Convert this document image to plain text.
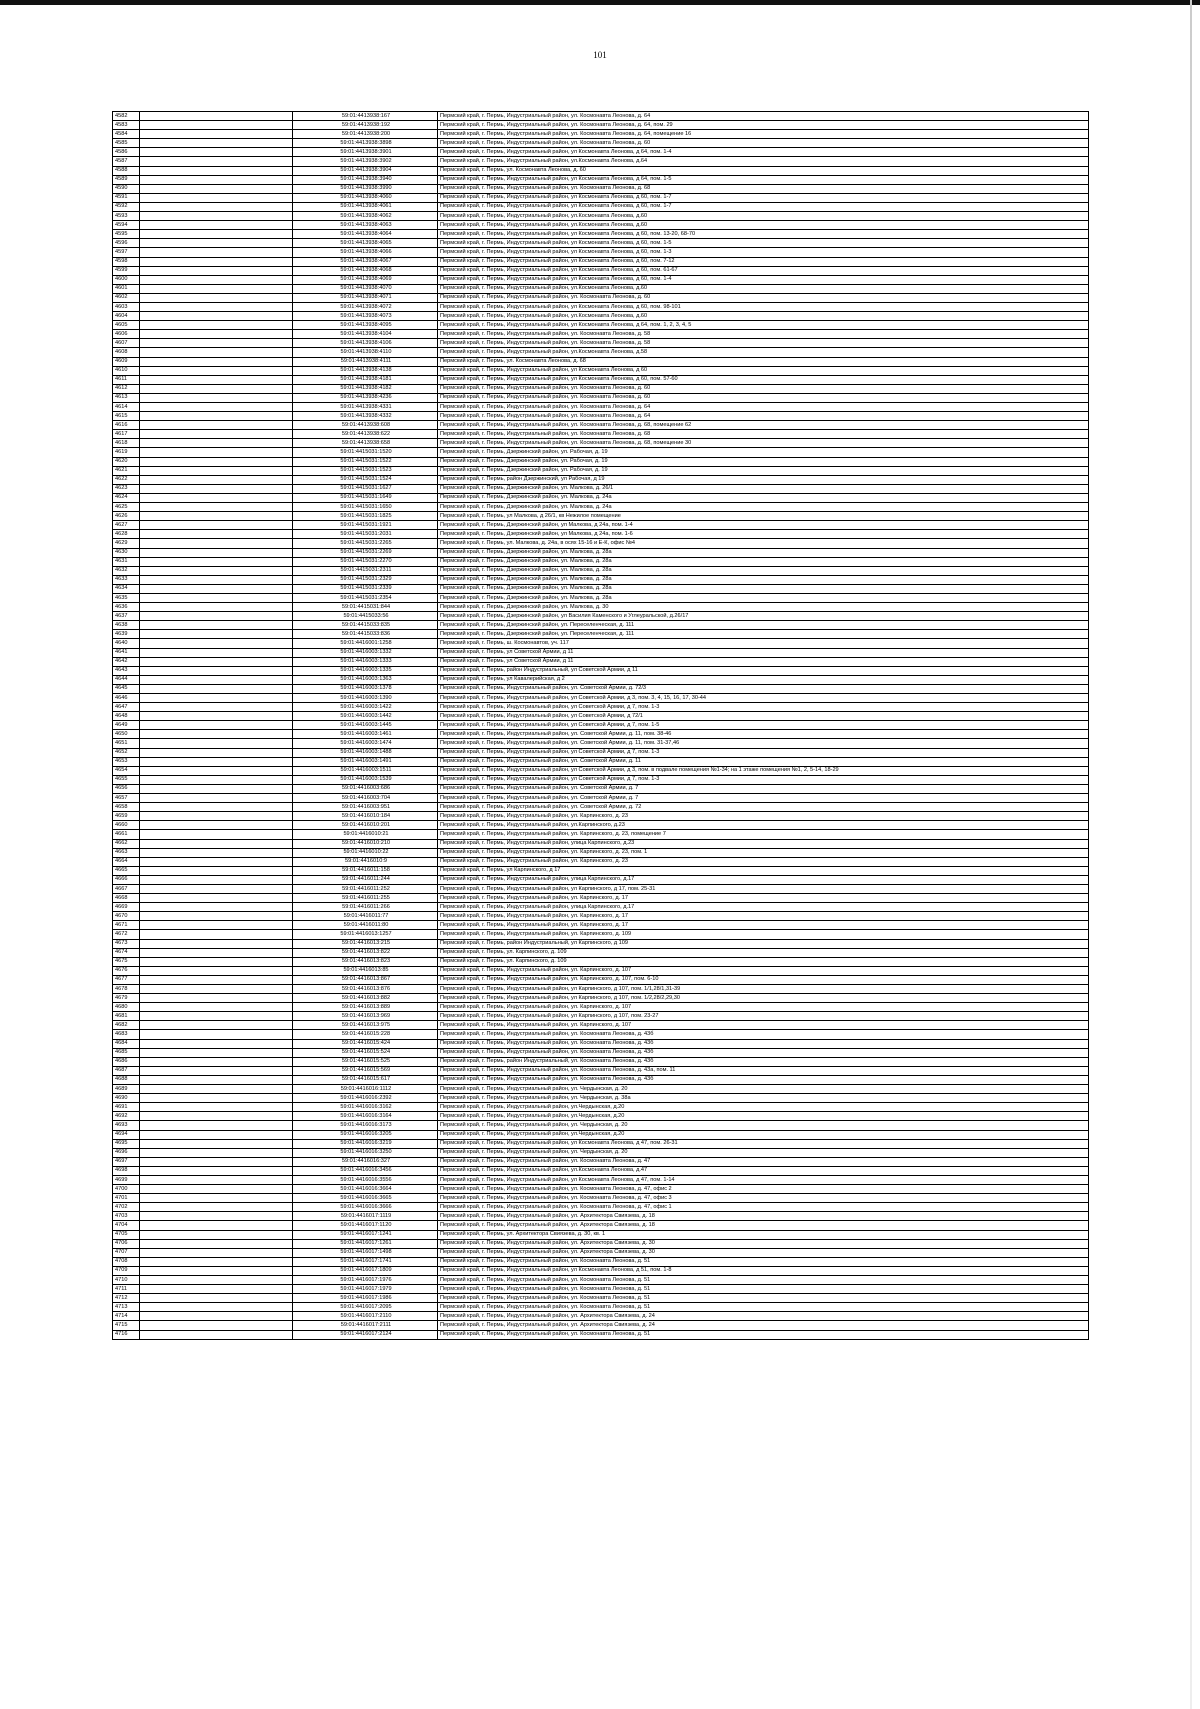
101
4582		59:01:4413938:167	Пермский край, г. Пермь, Индустриальный район, ул. Космонавта Леонова, д. 64
4583		59:01:4413938:192	Пермский край, г. Пермь, Индустриальный район, ул. Космонавта Леонова, д. 64, пом. 29
4584		59:01:4413938:200	Пермский край, г. Пермь, Индустриальный район, ул. Космонавта Леонова, д. 64, помещение 16
4585		59:01:4413938:3898	Пермский край, г. Пермь, Индустриальный район, ул. Космонавта Леонова, д. 60
4586		59:01:4413938:3901	Пермский край, г. Пермь, Индустриальный район, ул Космонавта Леонова, д 64, пом. 1-4
4587		59:01:4413938:3902	Пермский край, г. Пермь, Индустриальный район, ул.Космонавта Леонова, д.64
4588		59:01:4413938:3904	Пермский край, г. Пермь, ул. Космонавта Леонова, д. 60
4589		59:01:4413938:3940	Пермский край, г. Пермь, Индустриальный район, ул Космонавта Леонова, д 64, пом. 1-5
4590		59:01:4413938:3990	Пермский край, г. Пермь, Индустриальный район, ул. Космонавта Леонова, д. 68
4591		59:01:4413938:4060	Пермский край, г. Пермь, Индустриальный район, ул Космонавта Леонова, д 60, пом. 1-7
4592		59:01:4413938:4061	Пермский край, г. Пермь, Индустриальный район, ул Космонавта Леонова, д 60, пом. 1-7
4593		59:01:4413938:4062	Пермский край, г. Пермь, Индустриальный район, ул.Космонавта Леонова, д.60
4594		59:01:4413938:4063	Пермский край, г. Пермь, Индустриальный район, ул.Космонавта Леонова, д.60
4595		59:01:4413938:4064	Пермский край, г. Пермь, Индустриальный район, ул Космонавта Леонова, д 60, пом. 13-20, 68-70
4596		59:01:4413938:4065	Пермский край, г. Пермь, Индустриальный район, ул Космонавта Леонова, д 60, пом. 1-5
4597		59:01:4413938:4066	Пермский край, г. Пермь, Индустриальный район, ул Космонавта Леонова, д 60, пом. 1-3
4598		59:01:4413938:4067	Пермский край, г. Пермь, Индустриальный район, ул Космонавта Леонова, д 60, пом. 7-12
4599		59:01:4413938:4068	Пермский край, г. Пермь, Индустриальный район, ул Космонавта Леонова, д 60, пом. 61-67
4600		59:01:4413938:4069	Пермский край, г. Пермь, Индустриальный район, ул Космонавта Леонова, д 60, пом. 1-4
4601		59:01:4413938:4070	Пермский край, г. Пермь, Индустриальный район, ул.Космонавта Леонова, д.60
4602		59:01:4413938:4071	Пермский край, г. Пермь, Индустриальный район, ул. Космонавта Леонова, д. 60
4603		59:01:4413938:4072	Пермский край, г. Пермь, Индустриальный район, ул Космонавта Леонова, д 60, пом. 98-101
4604		59:01:4413938:4073	Пермский край, г. Пермь, Индустриальный район, ул.Космонавта Леонова, д.60
4605		59:01:4413938:4095	Пермский край, г. Пермь, Индустриальный район, ул Космонавта Леонова, д 64, пом. 1, 2, 3, 4, 5
4606		59:01:4413938:4104	Пермский край, г. Пермь, Индустриальный район, ул. Космонавта Леонова, д. 58
4607		59:01:4413938:4106	Пермский край, г. Пермь, Индустриальный район, ул. Космонавта Леонова, д. 58
4608		59:01:4413938:4110	Пермский край, г. Пермь, Индустриальный район, ул.Космонавта Леонова, д.58
4609		59:01:4413938:4111	Пермский край, г. Пермь, ул. Космонавта Леонова, д. 68
4610		59:01:4413938:4138	Пермский край, г. Пермь, Индустриальный район, ул Космонавта Леонова, д 60
4611		59:01:4413938:4181	Пермский край, г. Пермь, Индустриальный район, ул Космонавта Леонова, д 60, пом. 57-60
4612		59:01:4413938:4182	Пермский край, г. Пермь, Индустриальный район, ул. Космонавта Леонова, д. 60
4613		59:01:4413938:4236	Пермский край, г. Пермь, Индустриальный район, ул. Космонавта Леонова, д. 60
4614		59:01:4413938:4331	Пермский край, г. Пермь, Индустриальный район, ул. Космонавта Леонова, д. 64
4615		59:01:4413938:4332	Пермский край, г. Пермь, Индустриальный район, ул. Космонавта Леонова, д. 64
4616		59:01:4413938:608	Пермский край, г. Пермь, Индустриальный район, ул. Космонавта Леонова, д. 68, помещение 62
4617		59:01:4413938:622	Пермский край, г. Пермь, Индустриальный район, ул. Космонавта Леонова, д. 68
4618		59:01:4413938:658	Пермский край, г. Пермь, Индустриальный район, ул. Космонавта Леонова, д. 68, помещение 30
4619		59:01:4415031:1520	Пермский край, г. Пермь, Дзержинский район, ул. Рабочая, д. 19
4620		59:01:4415031:1522	Пермский край, г. Пермь, Дзержинский район, ул. Рабочая, д. 19
4621		59:01:4415031:1523	Пермский край, г. Пермь, Дзержинский район, ул. Рабочая, д. 19
4622		59:01:4415031:1524	Пермский край, г. Пермь, район Дзержинский, ул Рабочая, д 19
4623		59:01:4415031:1627	Пермский край, г. Пермь, Дзержинский район, ул. Малкова, д. 26/1
4624		59:01:4415031:1649	Пермский край, г. Пермь, Дзержинский район, ул. Малкова, д. 24а
4625		59:01:4415031:1650	Пермский край, г. Пермь, Дзержинский район, ул. Малкова, д. 24а
4626		59:01:4415031:1825	Пермский край, г. Пермь, ул Малкова, д 26/1, кв Нежилое помещение
4627		59:01:4415031:1921	Пермский край, г. Пермь, Дзержинский район, ул Малкова, д 24а, пом. 1-4
4628		59:01:4415031:2031	Пермский край, г. Пермь, Дзержинский район, ул Малкова, д 24а, пом. 1-6
4629		59:01:4415031:2265	Пермский край, г. Пермь, ул. Малкова, д. 24а, в осях 15-16 и Е-К, офис №4
4630		59:01:4415031:2269	Пермский край, г. Пермь, Дзержинский район, ул. Малкова, д. 28а
4631		59:01:4415031:2270	Пермский край, г. Пермь, Дзержинский район, ул. Малкова, д. 28а
4632		59:01:4415031:2311	Пермский край, г. Пермь, Дзержинский район, ул. Малкова, д. 28а
4633		59:01:4415031:2329	Пермский край, г. Пермь, Дзержинский район, ул. Малкова, д. 28а
4634		59:01:4415031:2339	Пермский край, г. Пермь, Дзержинский район, ул. Малкова, д. 28а
4635		59:01:4415031:2354	Пермский край, г. Пермь, Дзержинский район, ул. Малкова, д. 28а
4636		59:01:4415031:844	Пермский край, г. Пермь, Дзержинский район, ул. Малкова, д. 30
4637		59:01:4415033:56	Пермский край, г. Пермь, Дзержинский район, ул Василия Каменского и Углеуральской, д.26/17
4638		59:01:4415033:835	Пермский край, г. Пермь, Дзержинский район, ул. Переселенческая, д. 111
4639		59:01:4415033:836	Пермский край, г. Пермь, Дзержинский район, ул. Переселенческая, д. 111
4640		59:01:4416001:1258	Пермский край, г. Пермь, ш. Космонавтов, уч. 117
4641		59:01:4416003:1332	Пермский край, г. Пермь, ул Советской Армии, д 11
4642		59:01:4416003:1333	Пермский край, г. Пермь, ул Советской Армии, д 11
4643		59:01:4416003:1335	Пермский край, г. Пермь, район Индустриальный, ул Советской Армии, д 11
4644		59:01:4416003:1363	Пермский край, г. Пермь, ул Кавалерийская, д 2
4645		59:01:4416003:1378	Пермский край, г. Пермь, Индустриальный район, ул. Советской Армии, д. 72/3
4646		59:01:4416003:1390	Пермский край, г. Пермь, Индустриальный район, ул Советской Армии, д 3, пом. 3, 4, 15, 16, 17, 30-44
4647		59:01:4416003:1422	Пермский край, г. Пермь, Индустриальный район, ул Советской Армии, д 7, пом. 1-3
4648		59:01:4416003:1442	Пермский край, г. Пермь, Индустриальный район, ул Советской Армии, д 72/1
4649		59:01:4416003:1445	Пермский край, г. Пермь, Индустриальный район, ул Советской Армии, д 7, пом. 1-5
4650		59:01:4416003:1461	Пермский край, г. Пермь, Индустриальный район, ул. Советской Армии, д. 11, пом. 38-46
4651		59:01:4416003:1474	Пермский край, г. Пермь, Индустриальный район, ул. Советской Армии, д. 11, пом. 31-37,46
4652		59:01:4416003:1488	Пермский край, г. Пермь, Индустриальный район, ул Советской Армии, д 7, пом. 1-3
4653		59:01:4416003:1491	Пермский край, г. Пермь, Индустриальный район, ул. Советской Армии, д. 11
4654		59:01:4416003:1511	Пермский край, г. Пермь, Индустриальный район, ул Советской Армии, д 3, пом. в подвале помещения №1-34; на 1 этаже помещения №1, 2, 5-14, 18-29
4655		59:01:4416003:1539	Пермский край, г. Пермь, Индустриальный район, ул Советской Армии, д 7, пом. 1-3
4656		59:01:4416003:686	Пермский край, г. Пермь, Индустриальный район, ул. Советской Армии, д. 7
4657		59:01:4416003:704	Пермский край, г. Пермь, Индустриальный район, ул. Советской Армии, д. 7
4658		59:01:4416003:951	Пермский край, г. Пермь, Индустриальный район, ул. Советской Армии, д. 72
4659		59:01:4416010:184	Пермский край, г. Пермь, Индустриальный район, ул. Карпинского, д. 23
4660		59:01:4416010:201	Пермский край, г. Пермь, Индустриальный район, ул.Карпинского, д.23
4661		59:01:4416010:21	Пермский край, г. Пермь, Индустриальный район, ул. Карпинского, д. 23, помещение 7
4662		59:01:4416010:210	Пермский край, г. Пермь, Индустриальный район, улица Карпинского, д.23
4663		59:01:4416010:22	Пермский край, г. Пермь, Индустриальный район, ул. Карпинского, д. 23, пом. 1
4664		59:01:4416010:9	Пермский край, г. Пермь, Индустриальный район, ул. Карпинского, д. 23
4665		59:01:4416011:158	Пермский край, г. Пермь, ул Карпинского, д 17
4666		59:01:4416011:244	Пермский край, г. Пермь, Индустриальный район, улица Карпинского, д.17
4667		59:01:4416011:252	Пермский край, г. Пермь, Индустриальный район, ул Карпинского, д 17, пом. 25-31
4668		59:01:4416011:255	Пермский край, г. Пермь, Индустриальный район, ул. Карпинского, д. 17
4669		59:01:4416011:266	Пермский край, г. Пермь, Индустриальный район, улица Карпинского, д.17
4670		59:01:4416011:77	Пермский край, г. Пермь, Индустриальный район, ул. Карпинского, д. 17
4671		59:01:4416011:80	Пермский край, г. Пермь, Индустриальный район, ул. Карпинского, д. 17
4672		59:01:4416013:1257	Пермский край, г. Пермь, Индустриальный район, ул. Карпинского, д. 109
4673		59:01:4416013:215	Пермский край, г. Пермь, район Индустриальный, ул Карпинского, д 109
4674		59:01:4416013:822	Пермский край, г. Пермь, ул. Карпинского, д. 109
4675		59:01:4416013:823	Пермский край, г. Пермь, ул. Карпинского, д. 109
4676		59:01:4416013:85	Пермский край, г. Пермь, Индустриальный район, ул. Карпинского, д. 107
4677		59:01:4416013:867	Пермский край, г. Пермь, Индустриальный район, ул. Карпинского, д. 107, пом. 6-10
4678		59:01:4416013:876	Пермский край, г. Пермь, Индустриальный район, ул Карпинского, д 107, пом. 1/1,28/1,31-39
4679		59:01:4416013:882	Пермский край, г. Пермь, Индустриальный район, ул Карпинского, д 107, пом. 1/2,28/2,29,30
4680		59:01:4416013:889	Пермский край, г. Пермь, Индустриальный район, ул. Карпинского, д. 107
4681		59:01:4416013:969	Пермский край, г. Пермь, Индустриальный район, ул Карпинского, д 107, пом. 23-27
4682		59:01:4416013:975	Пермский край, г. Пермь, Индустриальный район, ул. Карпинского, д. 107
4683		59:01:4416015:228	Пермский край, г. Пермь, Индустриальный район, ул. Космонавта Леонова, д. 43б
4684		59:01:4416015:424	Пермский край, г. Пермь, Индустриальный район, ул. Космонавта Леонова, д. 43б
4685		59:01:4416015:524	Пермский край, г. Пермь, Индустриальный район, ул. Космонавта Леонова, д. 43б
4686		59:01:4416015:525	Пермский край, г. Пермь, район Индустриальный, ул. Космонавта Леонова, д. 43б
4687		59:01:4416015:569	Пермский край, г. Пермь, Индустриальный район, ул. Космонавта Леонова, д. 43а, пом. 11
4688		59:01:4416015:617	Пермский край, г. Пермь, Индустриальный район, ул. Космонавта Леонова, д. 43б
4689		59:01:4416016:1112	Пермский край, г. Пермь, Индустриальный район, ул. Чердынская, д. 20
4690		59:01:4416016:2392	Пермский край, г. Пермь, Индустриальный район, ул. Чердынская, д. 38а
4691		59:01:4416016:3162	Пермский край, г. Пермь, Индустриальный район, ул.Чердынская, д.20
4692		59:01:4416016:3164	Пермский край, г. Пермь, Индустриальный район, ул.Чердынская, д.20
4693		59:01:4416016:3173	Пермский край, г. Пермь, Индустриальный район, ул. Чердынская, д. 20
4694		59:01:4416016:3205	Пермский край, г. Пермь, Индустриальный район, ул.Чердынская, д.20
4695		59:01:4416016:3219	Пермский край, г. Пермь, Индустриальный район, ул Космонавта Леонова, д 47, пом. 26-31
4696		59:01:4416016:3250	Пермский край, г. Пермь, Индустриальный район, ул. Чердынская, д. 20
4697		59:01:4416016:327	Пермский край, г. Пермь, Индустриальный район, ул. Космонавта Леонова, д. 47
4698		59:01:4416016:3456	Пермский край, г. Пермь, Индустриальный район, ул.Космонавта Леонова, д.47
4699		59:01:4416016:3556	Пермский край, г. Пермь, Индустриальный район, ул Космонавта Леонова, д 47, пом. 1-14
4700		59:01:4416016:3664	Пермский край, г. Пермь, Индустриальный район, ул. Космонавта Леонова, д. 47, офис 2
4701		59:01:4416016:3665	Пермский край, г. Пермь, Индустриальный район, ул. Космонавта Леонова, д. 47, офис 3
4702		59:01:4416016:3666	Пермский край, г. Пермь, Индустриальный район, ул. Космонавта Леонова, д. 47, офис 1
4703		59:01:4416017:1119	Пермский край, г. Пермь, Индустриальный район, ул. Архитектора Свиязева, д. 18
4704		59:01:4416017:1120	Пермский край, г. Пермь, Индустриальный район, ул. Архитектора Свиязева, д. 18
4705		59:01:4416017:1241	Пермский край, г. Пермь, ул. Архитектора Свиязева, д. 30, кв. 1
4706		59:01:4416017:1261	Пермский край, г. Пермь, Индустриальный район, ул. Архитектора Свиязева, д. 30
4707		59:01:4416017:1498	Пермский край, г. Пермь, Индустриальный район, ул. Архитектора Свиязева, д. 30
4708		59:01:4416017:1741	Пермский край, г. Пермь, Индустриальный район, ул. Космонавта Леонова, д. 51
4709		59:01:4416017:1809	Пермский край, г. Пермь, Индустриальный район, ул Космонавта Леонова, д 51, пом. 1-8
4710		59:01:4416017:1976	Пермский край, г. Пермь, Индустриальный район, ул. Космонавта Леонова, д. 51
4711		59:01:4416017:1979	Пермский край, г. Пермь, Индустриальный район, ул. Космонавта Леонова, д. 51
4712		59:01:4416017:1986	Пермский край, г. Пермь, Индустриальный район, ул. Космонавта Леонова, д. 51
4713		59:01:4416017:2095	Пермский край, г. Пермь, Индустриальный район, ул. Космонавта Леонова, д. 51
4714		59:01:4416017:2110	Пермский край, г. Пермь, Индустриальный район, ул. Архитектора Свиязева, д. 24
4715		59:01:4416017:2111	Пермский край, г. Пермь, Индустриальный район, ул. Архитектора Свиязева, д. 24
4716		59:01:4416017:2124	Пермский край, г. Пермь, Индустриальный район, ул. Космонавта Леонова, д. 51
